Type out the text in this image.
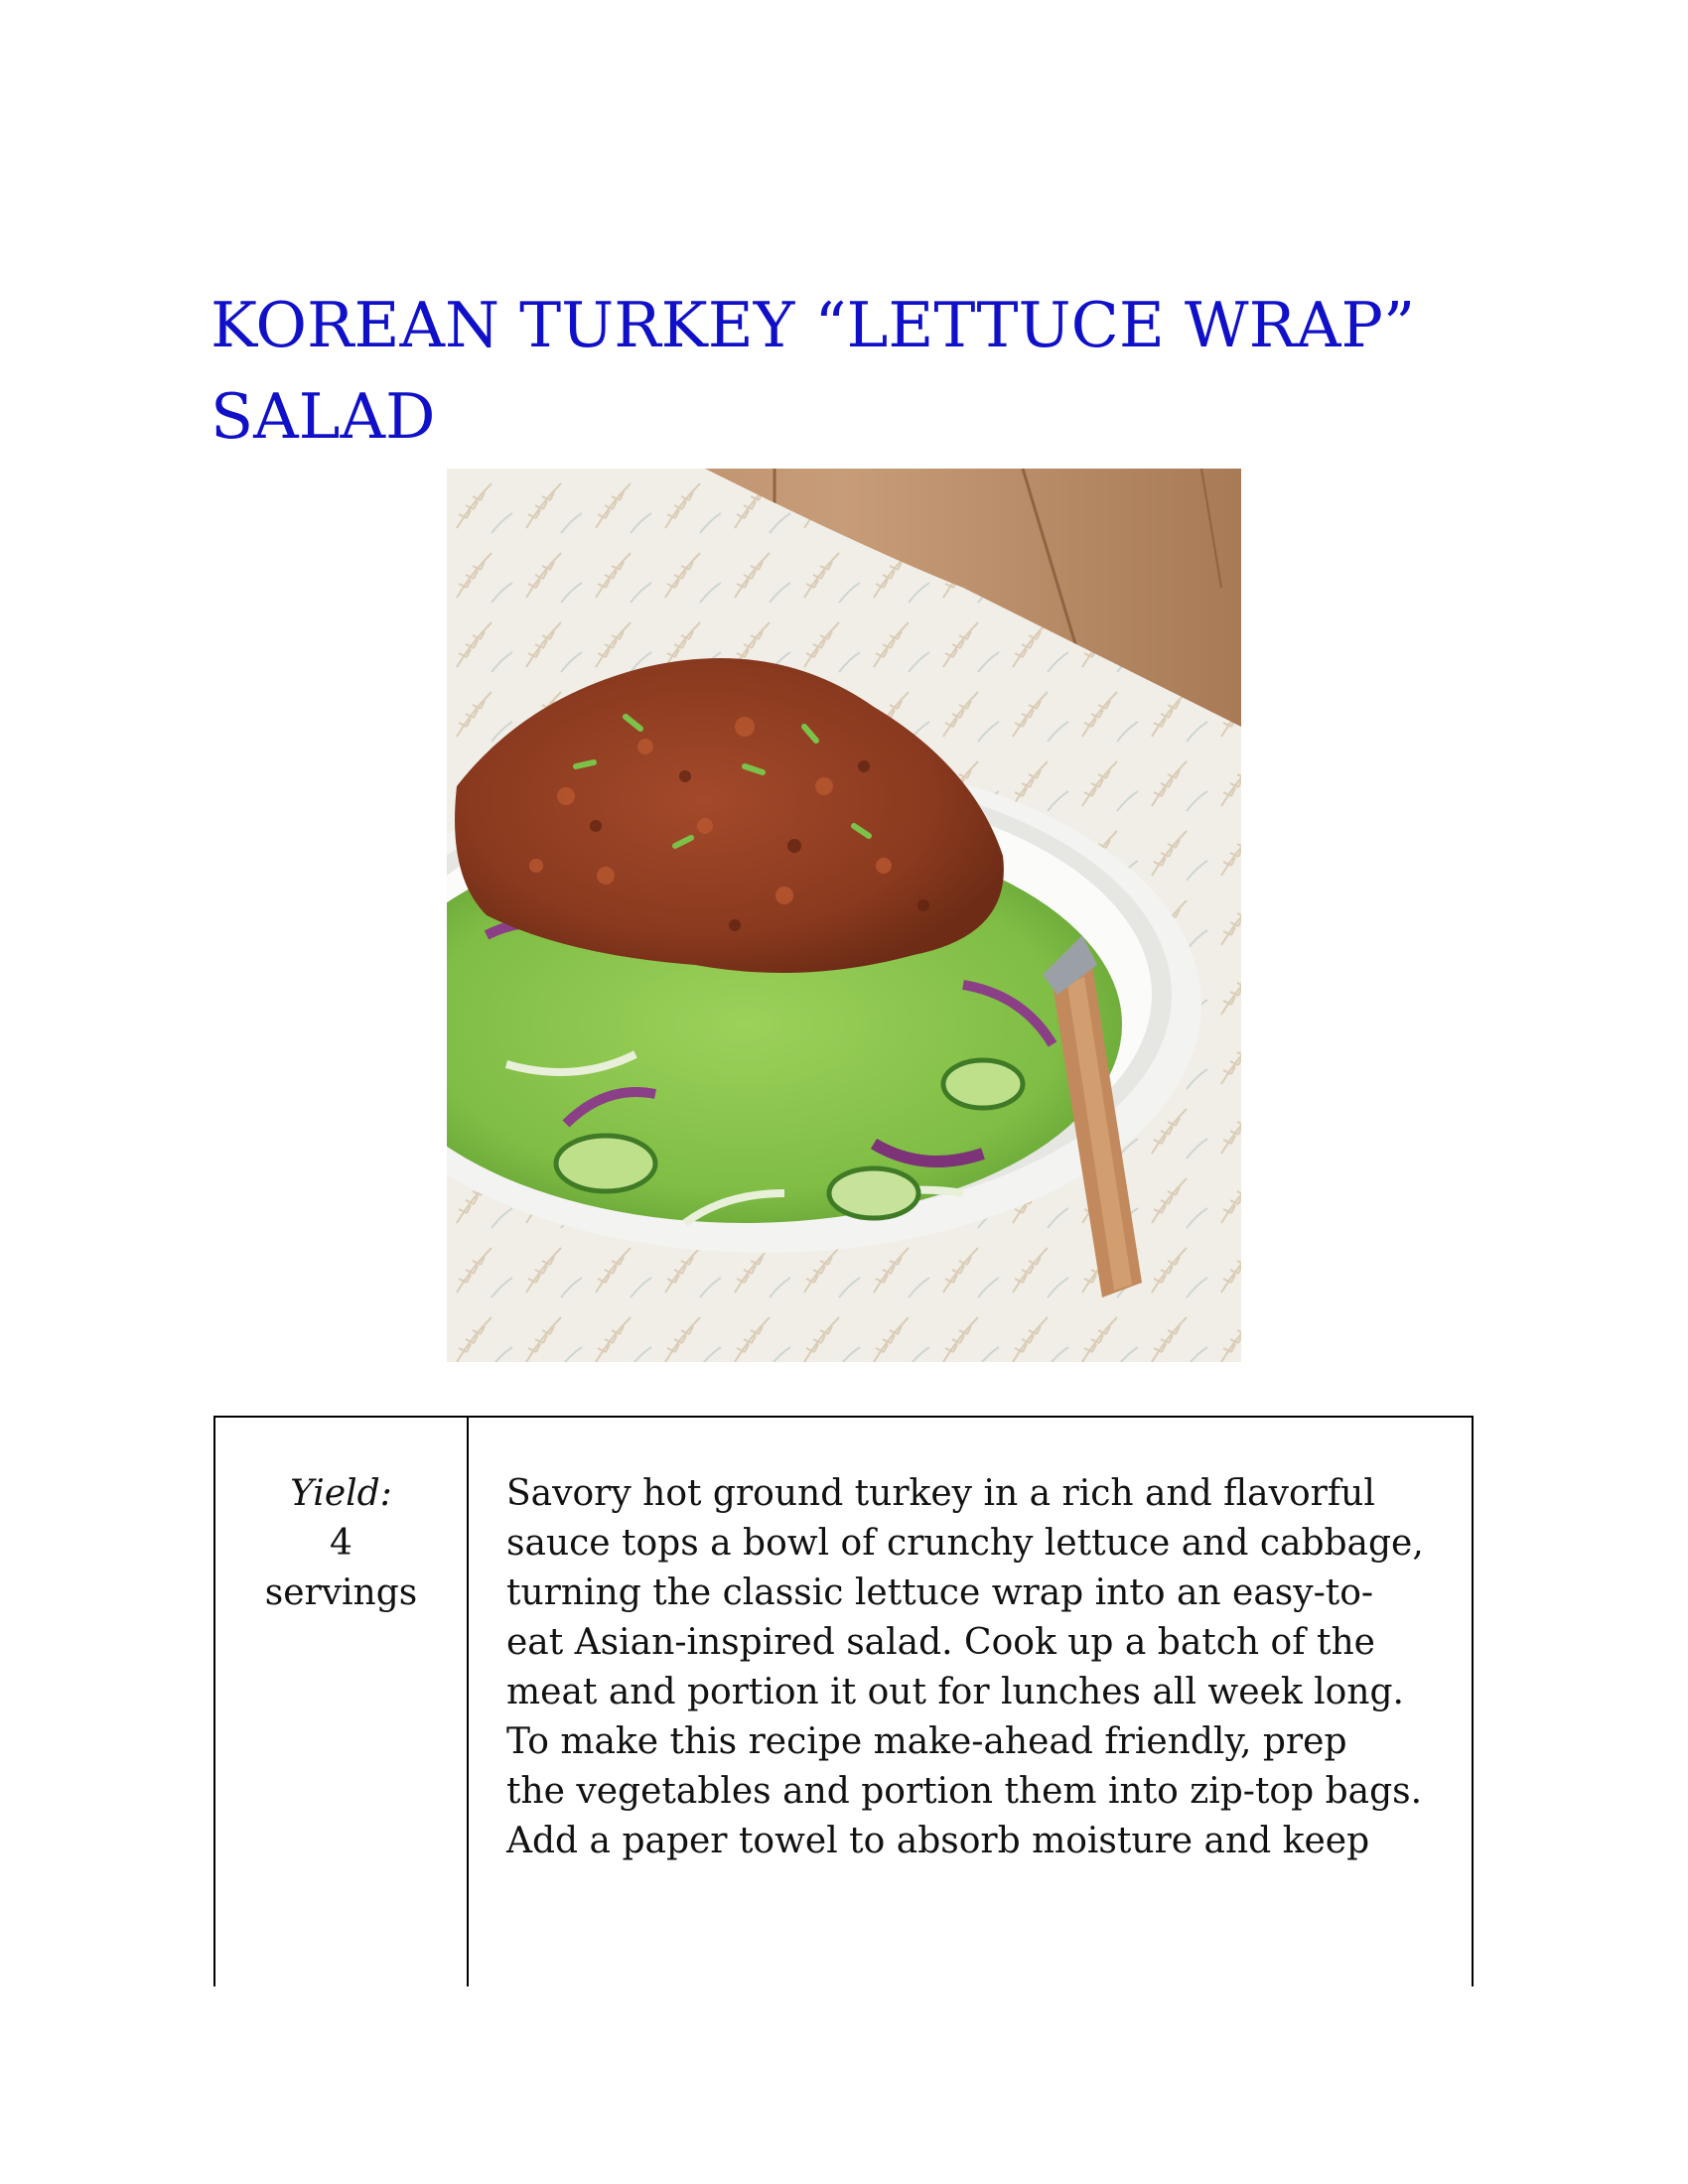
KOREAN TURKEY “LETTUCE WRAP”
SALAD
Yield:
4
servings

Savory hot ground turkey in a rich and flavorful
sauce tops a bowl of crunchy lettuce and cabbage,
turning the classic lettuce wrap into an easy-to-
eat Asian-inspired salad. Cook up a batch of the
meat and portion it out for lunches all week long.
To make this recipe make-ahead friendly, prep
the vegetables and portion them into zip-top bags.
Add a paper towel to absorb moisture and keep
